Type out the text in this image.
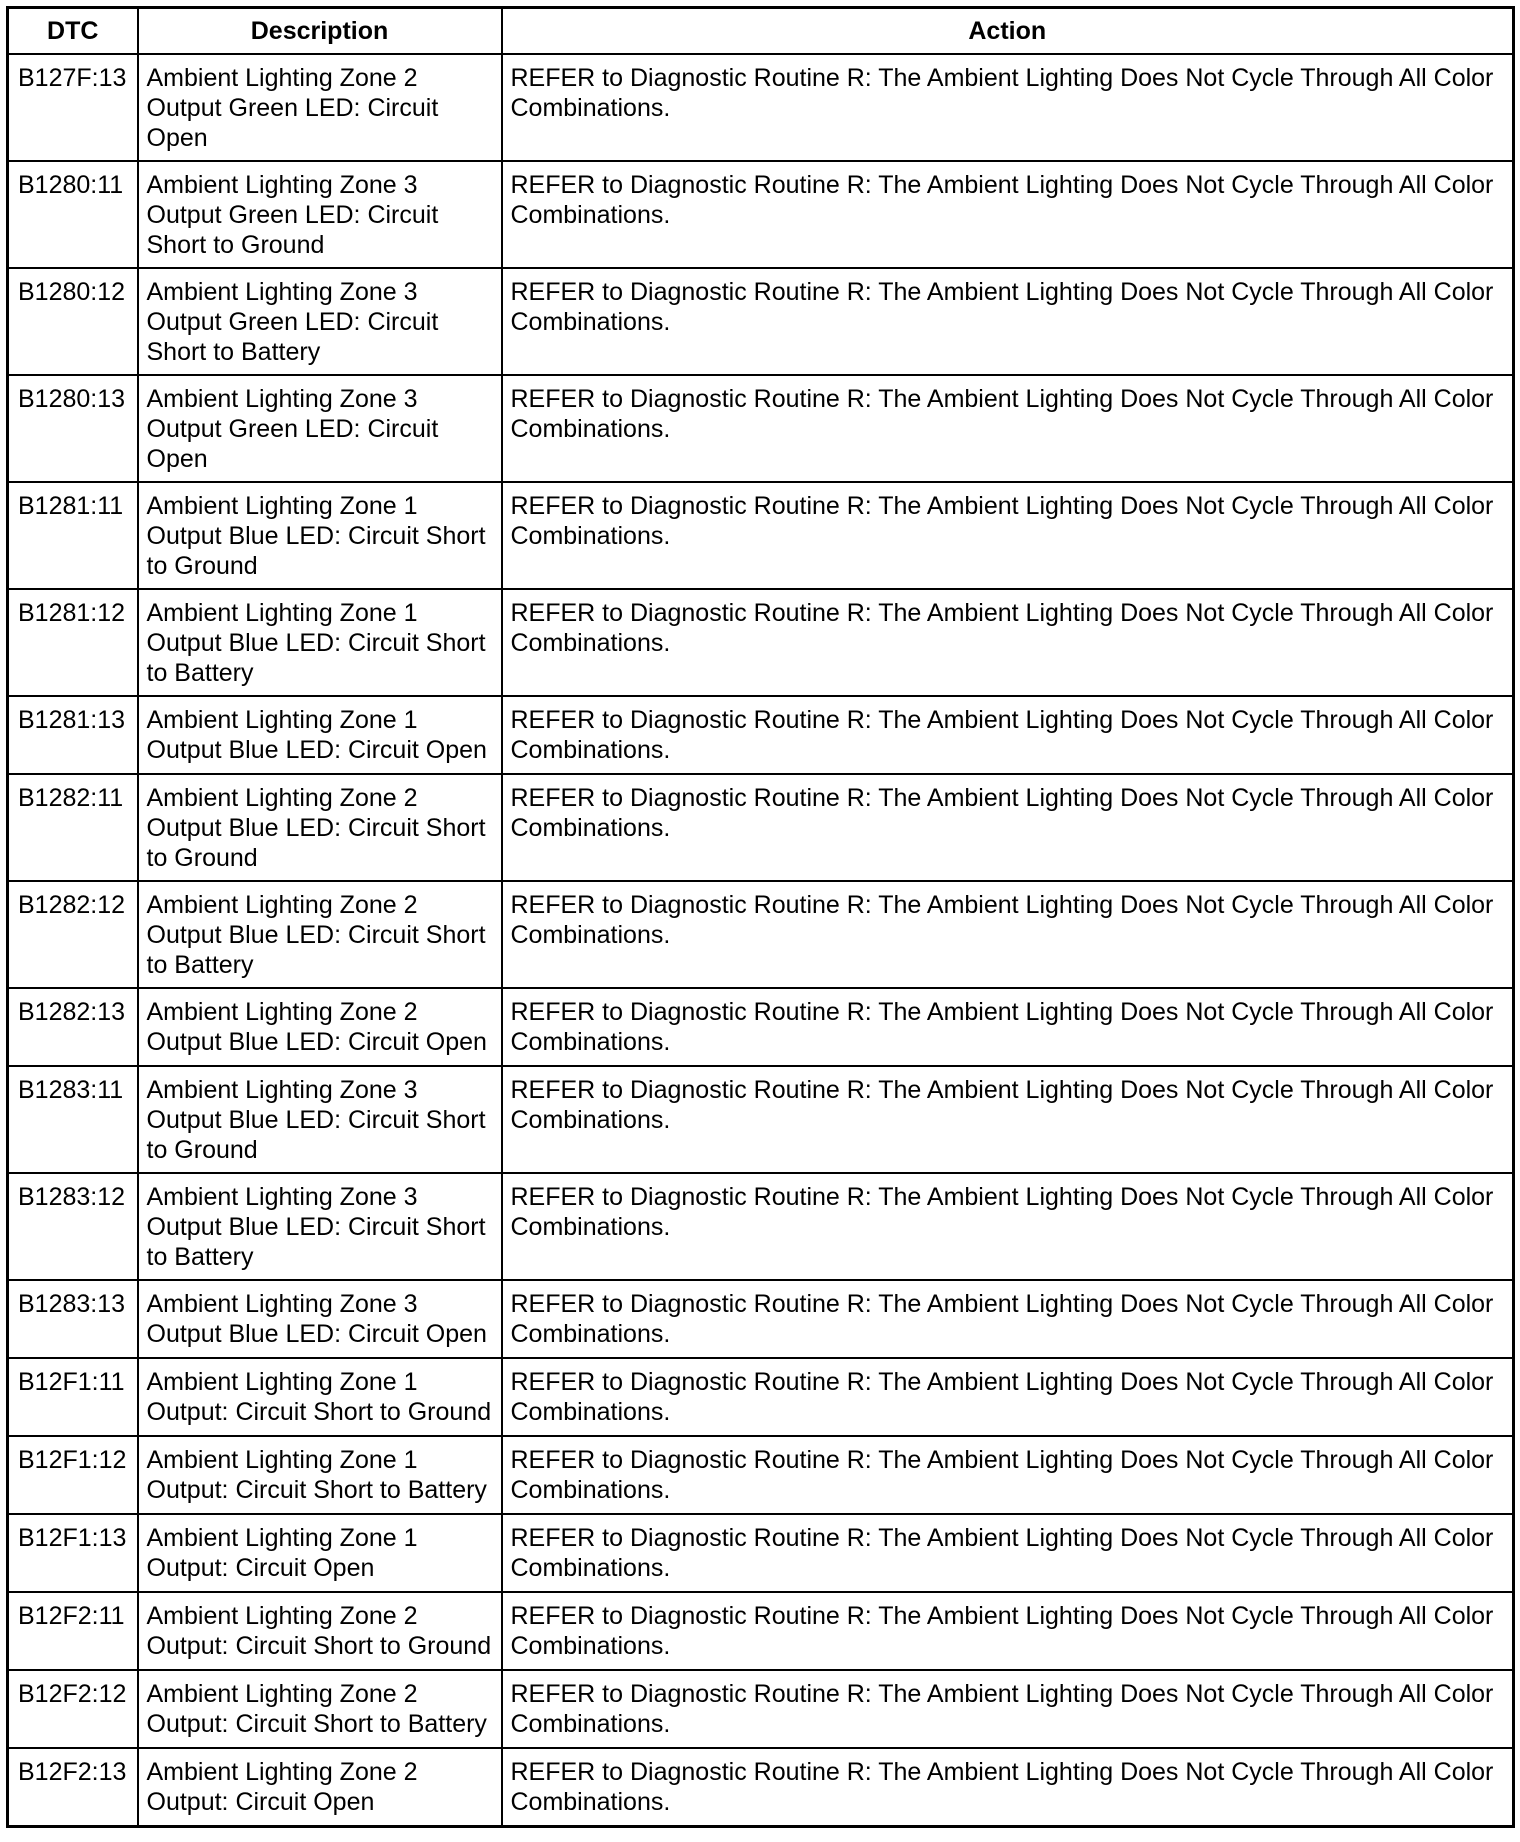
DTC	Description	Action
B127F:13	Ambient Lighting Zone 2 Output Green LED: Circuit Open	REFER to Diagnostic Routine R: The Ambient Lighting Does Not Cycle Through All Color Combinations.
B1280:11	Ambient Lighting Zone 3 Output Green LED: Circuit Short to Ground	REFER to Diagnostic Routine R: The Ambient Lighting Does Not Cycle Through All Color Combinations.
B1280:12	Ambient Lighting Zone 3 Output Green LED: Circuit Short to Battery	REFER to Diagnostic Routine R: The Ambient Lighting Does Not Cycle Through All Color Combinations.
B1280:13	Ambient Lighting Zone 3 Output Green LED: Circuit Open	REFER to Diagnostic Routine R: The Ambient Lighting Does Not Cycle Through All Color Combinations.
B1281:11	Ambient Lighting Zone 1 Output Blue LED: Circuit Short to Ground	REFER to Diagnostic Routine R: The Ambient Lighting Does Not Cycle Through All Color Combinations.
B1281:12	Ambient Lighting Zone 1 Output Blue LED: Circuit Short to Battery	REFER to Diagnostic Routine R: The Ambient Lighting Does Not Cycle Through All Color Combinations.
B1281:13	Ambient Lighting Zone 1 Output Blue LED: Circuit Open	REFER to Diagnostic Routine R: The Ambient Lighting Does Not Cycle Through All Color Combinations.
B1282:11	Ambient Lighting Zone 2 Output Blue LED: Circuit Short to Ground	REFER to Diagnostic Routine R: The Ambient Lighting Does Not Cycle Through All Color Combinations.
B1282:12	Ambient Lighting Zone 2 Output Blue LED: Circuit Short to Battery	REFER to Diagnostic Routine R: The Ambient Lighting Does Not Cycle Through All Color Combinations.
B1282:13	Ambient Lighting Zone 2 Output Blue LED: Circuit Open	REFER to Diagnostic Routine R: The Ambient Lighting Does Not Cycle Through All Color Combinations.
B1283:11	Ambient Lighting Zone 3 Output Blue LED: Circuit Short to Ground	REFER to Diagnostic Routine R: The Ambient Lighting Does Not Cycle Through All Color Combinations.
B1283:12	Ambient Lighting Zone 3 Output Blue LED: Circuit Short to Battery	REFER to Diagnostic Routine R: The Ambient Lighting Does Not Cycle Through All Color Combinations.
B1283:13	Ambient Lighting Zone 3 Output Blue LED: Circuit Open	REFER to Diagnostic Routine R: The Ambient Lighting Does Not Cycle Through All Color Combinations.
B12F1:11	Ambient Lighting Zone 1 Output: Circuit Short to Ground	REFER to Diagnostic Routine R: The Ambient Lighting Does Not Cycle Through All Color Combinations.
B12F1:12	Ambient Lighting Zone 1 Output: Circuit Short to Battery	REFER to Diagnostic Routine R: The Ambient Lighting Does Not Cycle Through All Color Combinations.
B12F1:13	Ambient Lighting Zone 1 Output: Circuit Open	REFER to Diagnostic Routine R: The Ambient Lighting Does Not Cycle Through All Color Combinations.
B12F2:11	Ambient Lighting Zone 2 Output: Circuit Short to Ground	REFER to Diagnostic Routine R: The Ambient Lighting Does Not Cycle Through All Color Combinations.
B12F2:12	Ambient Lighting Zone 2 Output: Circuit Short to Battery	REFER to Diagnostic Routine R: The Ambient Lighting Does Not Cycle Through All Color Combinations.
B12F2:13	Ambient Lighting Zone 2 Output: Circuit Open	REFER to Diagnostic Routine R: The Ambient Lighting Does Not Cycle Through All Color Combinations.
